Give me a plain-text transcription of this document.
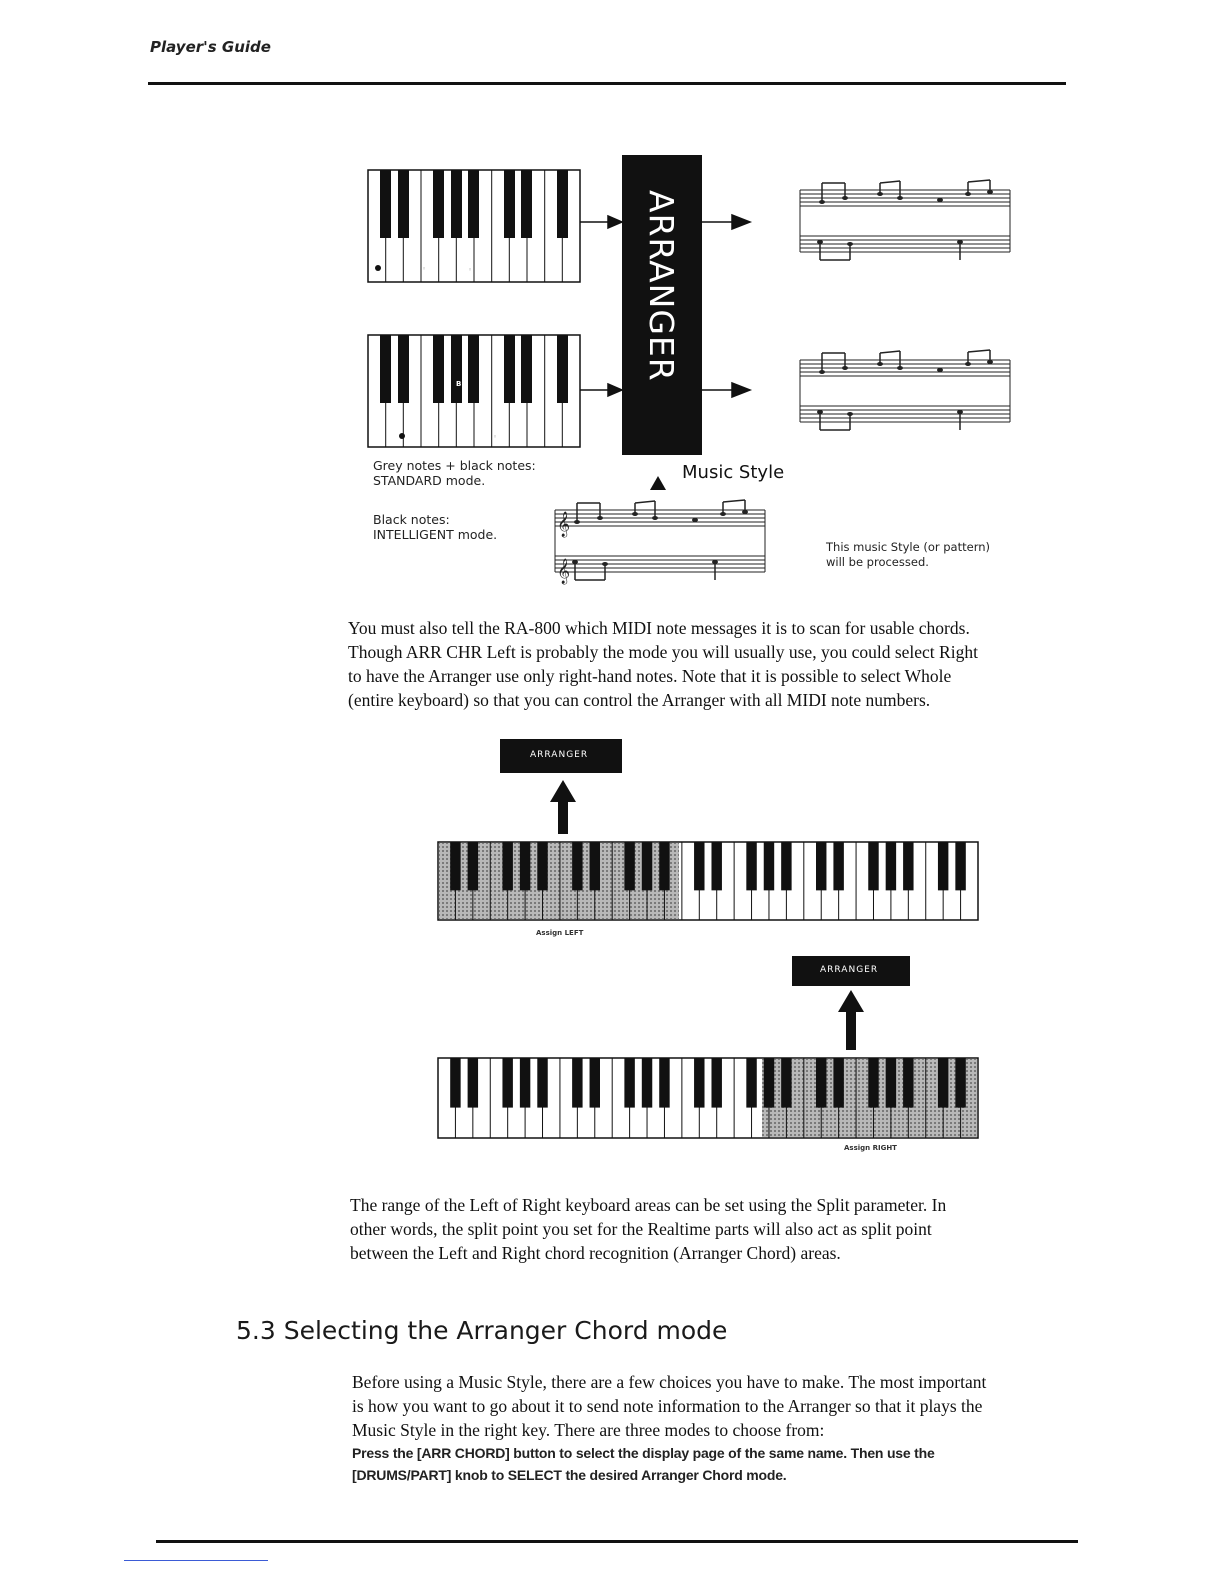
Player's Guide
◦	◦
B
◦
ARRANGER
𝄞
𝄞
Music Style
Grey notes + black notes:
STANDARD mode.
Black notes:
INTELLIGENT mode.
This music Style (or pattern)
will be processed.
You must also tell the RA-800 which MIDI note messages it is to scan for usable chords.
Though ARR CHR Left is probably the mode you will usually use, you could select Right
to have the Arranger use only right-hand notes. Note that it is possible to select Whole
(entire keyboard) so that you can control the Arranger with all MIDI note numbers.
ARRANGER
Assign LEFT
ARRANGER
Assign RIGHT
The range of the Left of Right keyboard areas can be set using the Split parameter. In
other words, the split point you set for the Realtime parts will also act as split point
between the Left and Right chord recognition (Arranger Chord) areas.
5.3 Selecting the Arranger Chord mode
Before using a Music Style, there are a few choices you have to make. The most important
is how you want to go about it to send note information to the Arranger so that it plays the
Music Style in the right key. There are three modes to choose from:
Press the [ARR CHORD] button to select the display page of the same name. Then use the
[DRUMS/PART] knob to SELECT the desired Arranger Chord mode.
